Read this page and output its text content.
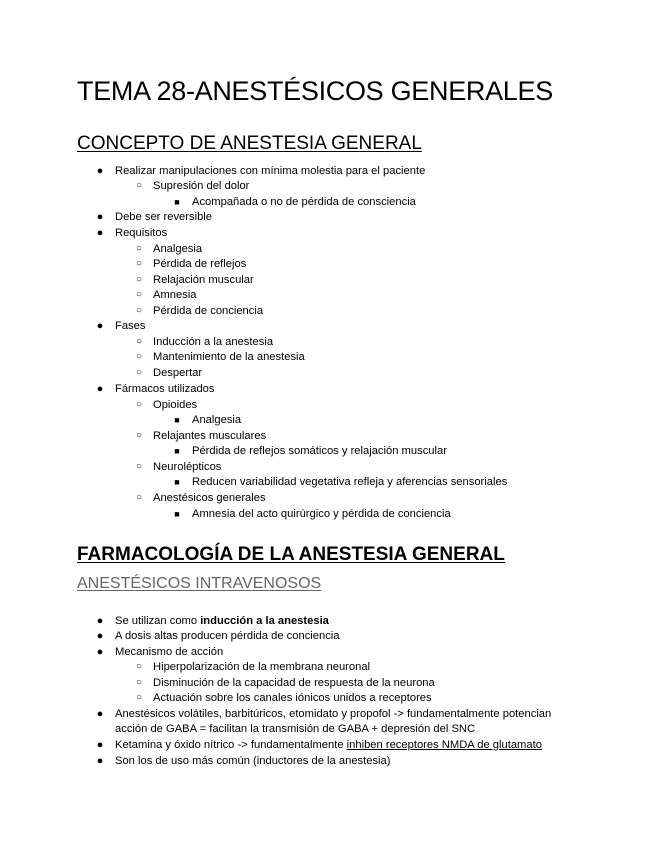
TEMA 28-ANESTÉSICOS GENERALES
CONCEPTO DE ANESTESIA GENERAL
● Realizar manipulaciones con mínima molestia para el paciente
○ Supresión del dolor
■ Acompañada o no de pérdida de consciencia
● Debe ser reversible
● Requisitos
○ Analgesia
○ Pérdida de reflejos
○ Relajación muscular
○ Amnesia
○ Pérdida de conciencia
● Fases
○ Inducción a la anestesia
○ Mantenimiento de la anestesia
○ Despertar
● Fármacos utilizados
○ Opioides
■ Analgesia
○ Relajantes musculares
■ Pérdida de reflejos somáticos y relajación muscular
○ Neurolépticos
■ Reducen variabilidad vegetativa refleja y aferencias sensoriales
○ Anestésicos generales
■ Amnesia del acto quirúrgico y pérdida de conciencia
FARMACOLOGÍA DE LA ANESTESIA GENERAL
ANESTÉSICOS INTRAVENOSOS
● Se utilizan como inducción a la anestesia
● A dosis altas producen pérdida de conciencia
● Mecanismo de acción
○ Hiperpolarización de la membrana neuronal
○ Disminución de la capacidad de respuesta de la neurona
○ Actuación sobre los canales iónicos unidos a receptores
● Anestésicos volátiles, barbitúricos, etomidato y propofol -> fundamentalmente potencian
acción de GABA = facilitan la transmisión de GABA + depresión del SNC
● Ketamina y óxido nítrico -> fundamentalmente inhiben receptores NMDA de glutamato
● Son los de uso más común (inductores de la anestesia)
